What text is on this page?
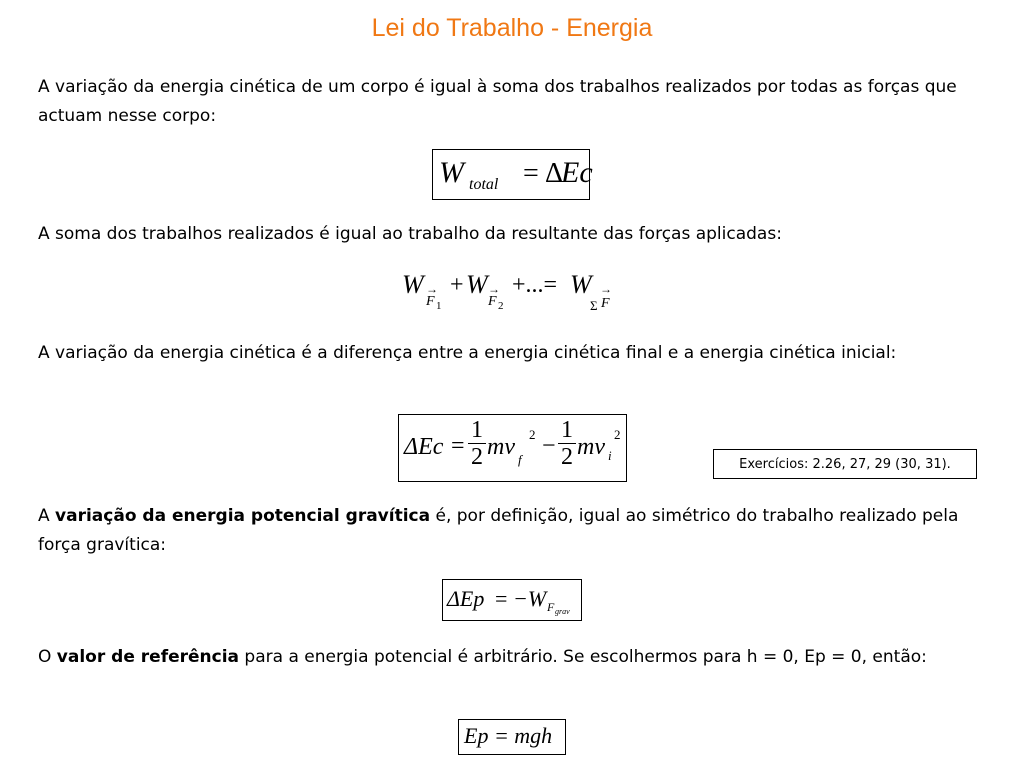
Lei do Trabalho - Energia
A variação da energia cinética de um corpo é igual à soma dos trabalhos realizados por todas as forças que actuam nesse corpo:
W total = Δ
Ec
A soma dos trabalhos realizados é igual ao trabalho da resultante das forças aplicadas:
W
F
→
1
+ W
F
→
2
+...= W
Σ F
→
A variação da energia cinética é a diferença entre a energia cinética final e a energia cinética inicial:
$\Delta Ec = \frac{1}{2}$ mv f
$2 - \frac{1}{2}$ mv i
2
Exercícios: 2.26, 27, 29 (30, 31).
A variação da energia potencial gravítica é, por definição, igual ao simétrico do trabalho realizado pela força gravítica:
ΔEp = −W F grav
O valor de referência para a energia potencial é arbitrário. Se escolhermos para h = 0, Ep = 0, então:
Ep = mgh
